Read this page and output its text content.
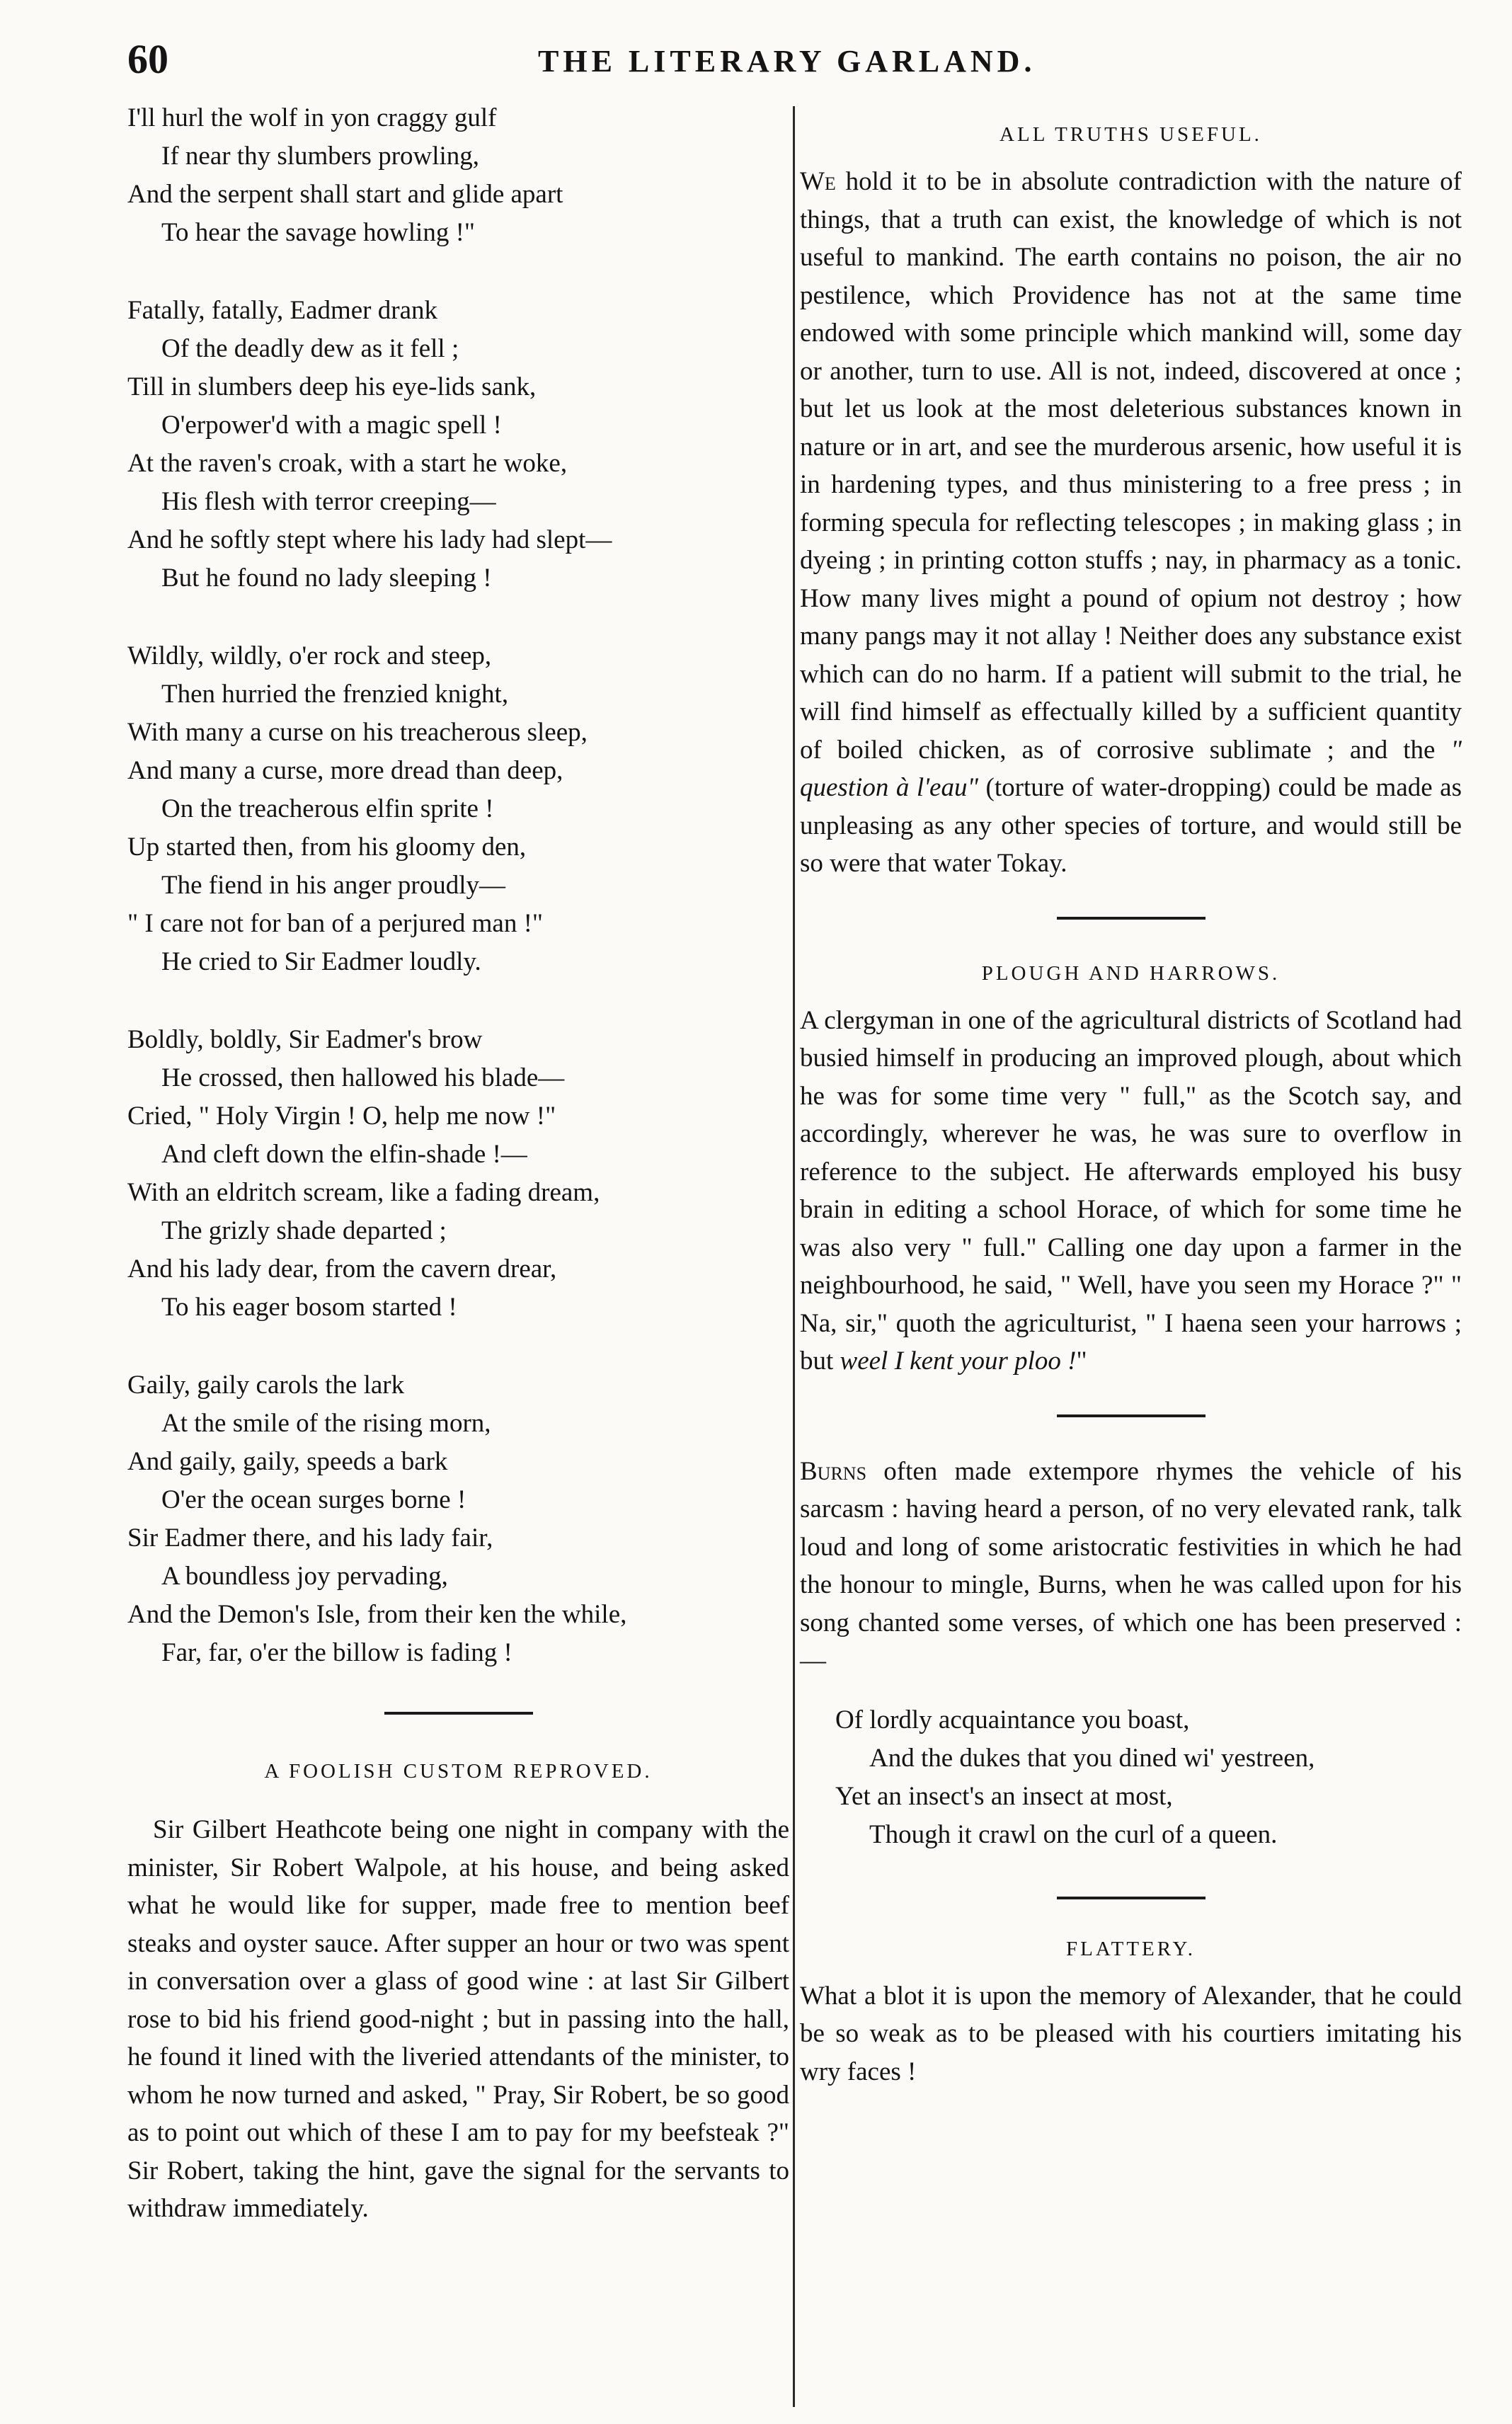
60	THE LITERARY GARLAND.
I'll hurl the wolf in yon craggy gulf
If near thy slumbers prowling,
And the serpent shall start and glide apart
To hear the savage howling !"
Fatally, fatally, Eadmer drank
Of the deadly dew as it fell ;
Till in slumbers deep his eye-lids sank,
O'erpower'd with a magic spell !
At the raven's croak, with a start he woke,
His flesh with terror creeping—
And he softly stept where his lady had slept—
But he found no lady sleeping !
Wildly, wildly, o'er rock and steep,
Then hurried the frenzied knight,
With many a curse on his treacherous sleep,
And many a curse, more dread than deep,
On the treacherous elfin sprite !
Up started then, from his gloomy den,
The fiend in his anger proudly—
" I care not for ban of a perjured man !"
He cried to Sir Eadmer loudly.
Boldly, boldly, Sir Eadmer's brow
He crossed, then hallowed his blade—
Cried, " Holy Virgin ! O, help me now !"
And cleft down the elfin-shade !—
With an eldritch scream, like a fading dream,
The grizly shade departed ;
And his lady dear, from the cavern drear,
To his eager bosom started !
Gaily, gaily carols the lark
At the smile of the rising morn,
And gaily, gaily, speeds a bark
O'er the ocean surges borne !
Sir Eadmer there, and his lady fair,
A boundless joy pervading,
And the Demon's Isle, from their ken the while,
Far, far, o'er the billow is fading !
A FOOLISH CUSTOM REPROVED.

Sir Gilbert Heathcote being one night in company with the minister, Sir Robert Walpole, at his house, and being asked what he would like for supper, made free to mention beef steaks and oyster sauce. After supper an hour or two was spent in conversation over a glass of good wine : at last Sir Gilbert rose to bid his friend good-night ; but in passing into the hall, he found it lined with the liveried attendants of the minister, to whom he now turned and asked, " Pray, Sir Robert, be so good as to point out which of these I am to pay for my beefsteak ?" Sir Robert, taking the hint, gave the signal for the servants to withdraw immediately.

ALL TRUTHS USEFUL.

We hold it to be in absolute contradiction with the nature of things, that a truth can exist, the knowledge of which is not useful to mankind. The earth contains no poison, the air no pestilence, which Providence has not at the same time endowed with some principle which mankind will, some day or another, turn to use. All is not, indeed, discovered at once ; but let us look at the most deleterious substances known in nature or in art, and see the murderous arsenic, how useful it is in hardening types, and thus ministering to a free press ; in forming specula for reflecting telescopes ; in making glass ; in dyeing ; in printing cotton stuffs ; nay, in pharmacy as a tonic. How many lives might a pound of opium not destroy ; how many pangs may it not allay ! Neither does any substance exist which can do no harm. If a patient will submit to the trial, he will find himself as effectually killed by a sufficient quantity of boiled chicken, as of corrosive sublimate ; and the " question à l'eau" (torture of water-dropping) could be made as unpleasing as any other species of torture, and would still be so were that water Tokay.

PLOUGH AND HARROWS.

A clergyman in one of the agricultural districts of Scotland had busied himself in producing an improved plough, about which he was for some time very " full," as the Scotch say, and accordingly, wherever he was, he was sure to overflow in reference to the subject. He afterwards employed his busy brain in editing a school Horace, of which for some time he was also very " full." Calling one day upon a farmer in the neighbourhood, he said, " Well, have you seen my Horace ?" " Na, sir," quoth the agriculturist, " I haena seen your harrows ; but weel I kent your ploo !"

Burns often made extempore rhymes the vehicle of his sarcasm : having heard a person, of no very elevated rank, talk loud and long of some aristocratic festivities in which he had the honour to mingle, Burns, when he was called upon for his song chanted some verses, of which one has been preserved :—

Of lordly acquaintance you boast,
And the dukes that you dined wi' yestreen,
Yet an insect's an insect at most,
Though it crawl on the curl of a queen.
FLATTERY.

What a blot it is upon the memory of Alexander, that he could be so weak as to be pleased with his courtiers imitating his wry faces !
